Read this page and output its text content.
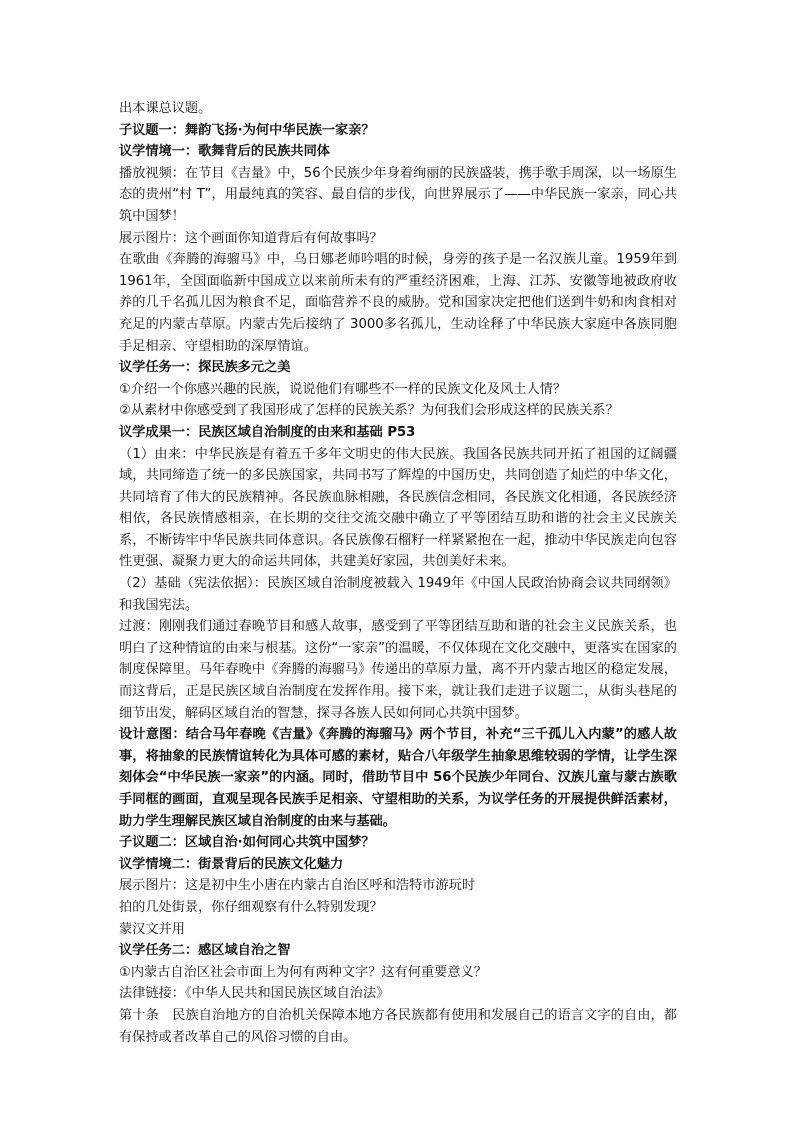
出本课总议题。

子议题一：舞韵飞扬·为何中华民族一家亲？

议学情境一：歌舞背后的民族共同体

播放视频：在节目《吉量》中，56个民族少年身着绚丽的民族盛装，携手歌手周深，以一场原生态的贵州“村 T”，用最纯真的笑容、最自信的步伐，向世界展示了——中华民族一家亲，同心共筑中国梦！

展示图片：这个画面你知道背后有何故事吗？

在歌曲《奔腾的海骝马》中，乌日娜老师吟唱的时候，身旁的孩子是一名汉族儿童。1959年到 1961年，全国面临新中国成立以来前所未有的严重经济困难，上海、江苏、安徽等地被政府收养的几千名孤儿因为粮食不足，面临营养不良的威胁。党和国家决定把他们送到牛奶和肉食相对充足的内蒙古草原。内蒙古先后接纳了 3000多名孤儿，生动诠释了中华民族大家庭中各族同胞手足相亲、守望相助的深厚情谊。

议学任务一：探民族多元之美

①介绍一个你感兴趣的民族，说说他们有哪些不一样的民族文化及风土人情？

②从素材中你感受到了我国形成了怎样的民族关系？为何我们会形成这样的民族关系？

议学成果一：民族区域自治制度的由来和基础 P53

（1）由来：中华民族是有着五千多年文明史的伟大民族。我国各民族共同开拓了祖国的辽阔疆域，共同缔造了统一的多民族国家，共同书写了辉煌的中国历史，共同创造了灿烂的中华文化，共同培育了伟大的民族精神。各民族血脉相融，各民族信念相同，各民族文化相通，各民族经济相依，各民族情感相亲，在长期的交往交流交融中确立了平等团结互助和谐的社会主义民族关系，不断铸牢中华民族共同体意识。各民族像石榴籽一样紧紧抱在一起，推动中华民族走向包容性更强、凝聚力更大的命运共同体，共建美好家园，共创美好未来。

（2）基础（宪法依据）：民族区域自治制度被载入 1949年《中国人民政治协商会议共同纲领》和我国宪法。

过渡：刚刚我们通过春晚节目和感人故事，感受到了平等团结互助和谐的社会主义民族关系，也明白了这种情谊的由来与根基。这份“一家亲”的温暖，不仅体现在文化交融中，更落实在国家的制度保障里。马年春晚中《奔腾的海骝马》传递出的草原力量，离不开内蒙古地区的稳定发展，而这背后，正是民族区域自治制度在发挥作用。接下来，就让我们走进子议题二，从街头巷尾的细节出发，解码区域自治的智慧，探寻各族人民如何同心共筑中国梦。

设计意图：结合马年春晚《吉量》《奔腾的海骝马》两个节目，补充“三千孤儿入内蒙”的感人故事，将抽象的民族情谊转化为具体可感的素材，贴合八年级学生抽象思维较弱的学情，让学生深刻体会“中华民族一家亲”的内涵。同时，借助节目中 56个民族少年同台、汉族儿童与蒙古族歌手同框的画面，直观呈现各民族手足相亲、守望相助的关系，为议学任务的开展提供鲜活素材，助力学生理解民族区域自治制度的由来与基础。

子议题二：区域自治·如何同心共筑中国梦？

议学情境二：街景背后的民族文化魅力

展示图片：这是初中生小唐在内蒙古自治区呼和浩特市游玩时

拍的几处街景，你仔细观察有什么特别发现？

蒙汉文并用

议学任务二：感区域自治之智

①内蒙古自治区社会市面上为何有两种文字？这有何重要意义？

法律链接：《中华人民共和国民族区域自治法》

第十条　民族自治地方的自治机关保障本地方各民族都有使用和发展自己的语言文字的自由，都有保持或者改革自己的风俗习惯的自由。
